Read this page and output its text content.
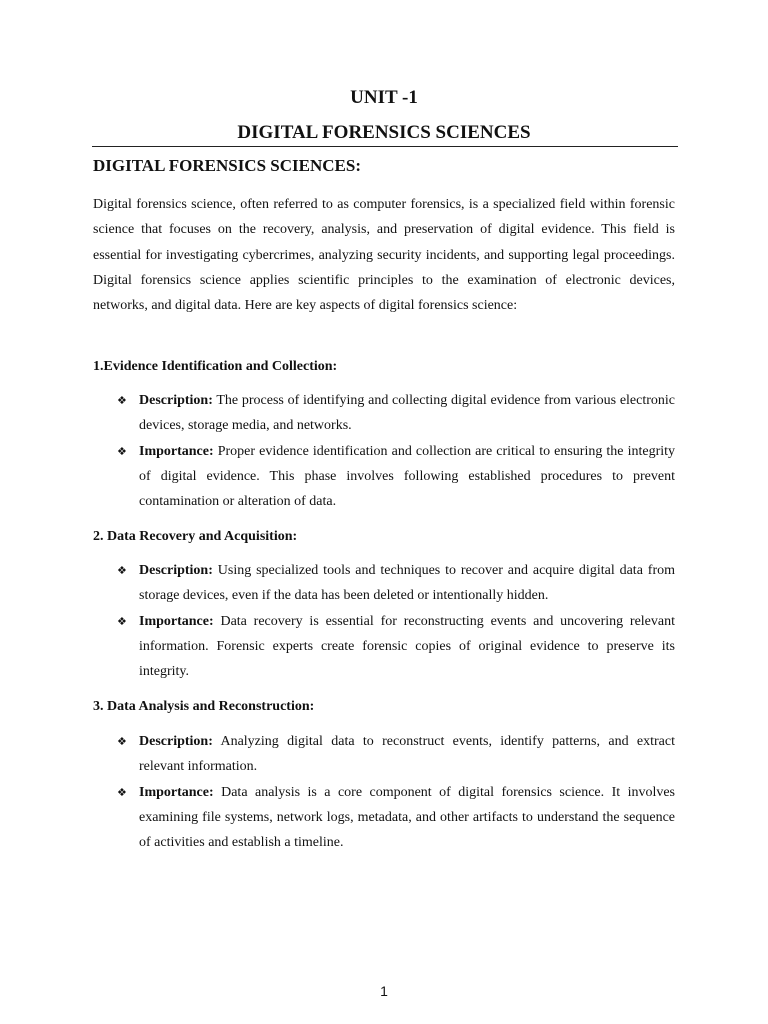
UNIT -1
DIGITAL FORENSICS SCIENCES
DIGITAL FORENSICS SCIENCES:

Digital forensics science, often referred to as computer forensics, is a specialized field within forensic science that focuses on the recovery, analysis, and preservation of digital evidence. This field is essential for investigating cybercrimes, analyzing security incidents, and supporting legal proceedings. Digital forensics science applies scientific principles to the examination of electronic devices, networks, and digital data. Here are key aspects of digital forensics science:

1.Evidence Identification and Collection:
❖ Description: The process of identifying and collecting digital evidence from various electronic devices, storage media, and networks.
❖ Importance: Proper evidence identification and collection are critical to ensuring the integrity of digital evidence. This phase involves following established procedures to prevent contamination or alteration of data.
2. Data Recovery and Acquisition:
❖ Description: Using specialized tools and techniques to recover and acquire digital data from storage devices, even if the data has been deleted or intentionally hidden.
❖ Importance: Data recovery is essential for reconstructing events and uncovering relevant information. Forensic experts create forensic copies of original evidence to preserve its integrity.
3. Data Analysis and Reconstruction:
❖ Description: Analyzing digital data to reconstruct events, identify patterns, and extract relevant information.
❖ Importance: Data analysis is a core component of digital forensics science. It involves examining file systems, network logs, metadata, and other artifacts to understand the sequence of activities and establish a timeline.
1
